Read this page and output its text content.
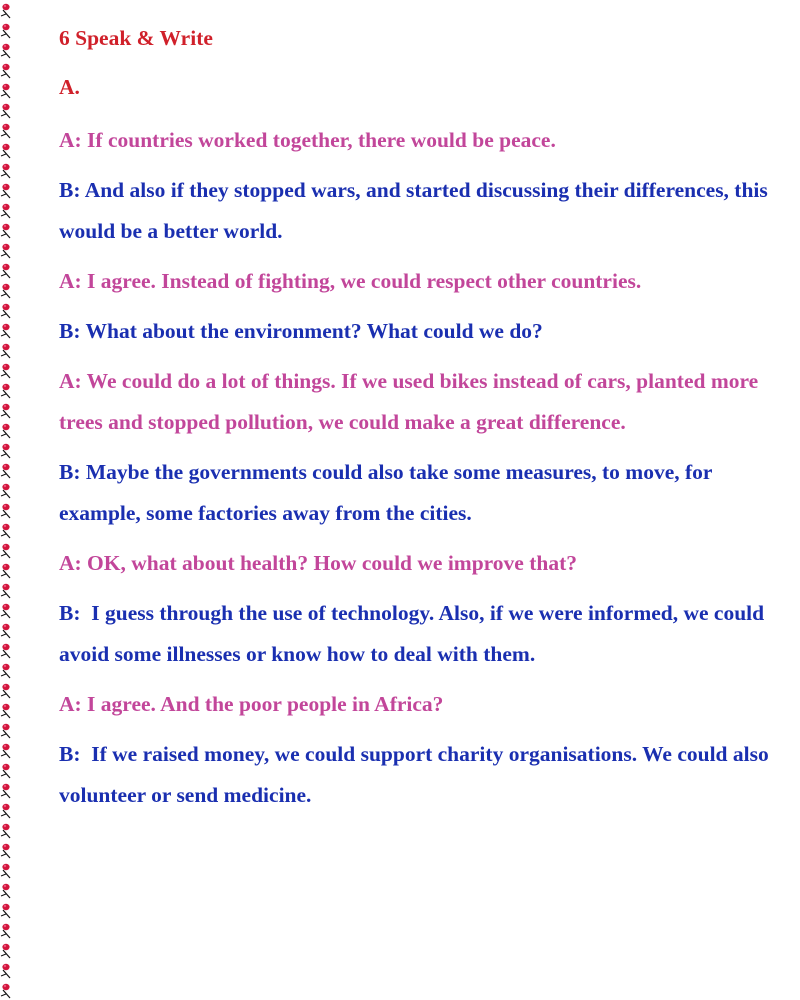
6 Speak & Write
A.
A: If countries worked together, there would be peace.
B: And also if they stopped wars, and started discussing their differences, this would be a better world.
A: I agree. Instead of fighting, we could respect other countries.
B: What about the environment? What could we do?
A: We could do a lot of things. If we used bikes instead of cars, planted more trees and stopped pollution, we could make a great difference.
B: Maybe the governments could also take some measures, to move, for example, some factories away from the cities.
A: OK, what about health? How could we improve that?
B:  I guess through the use of technology. Also, if we were informed, we could avoid some illnesses or know how to deal with them.
A: I agree. And the poor people in Africa?
B:  If we raised money, we could support charity organisations. We could also volunteer or send medicine.
